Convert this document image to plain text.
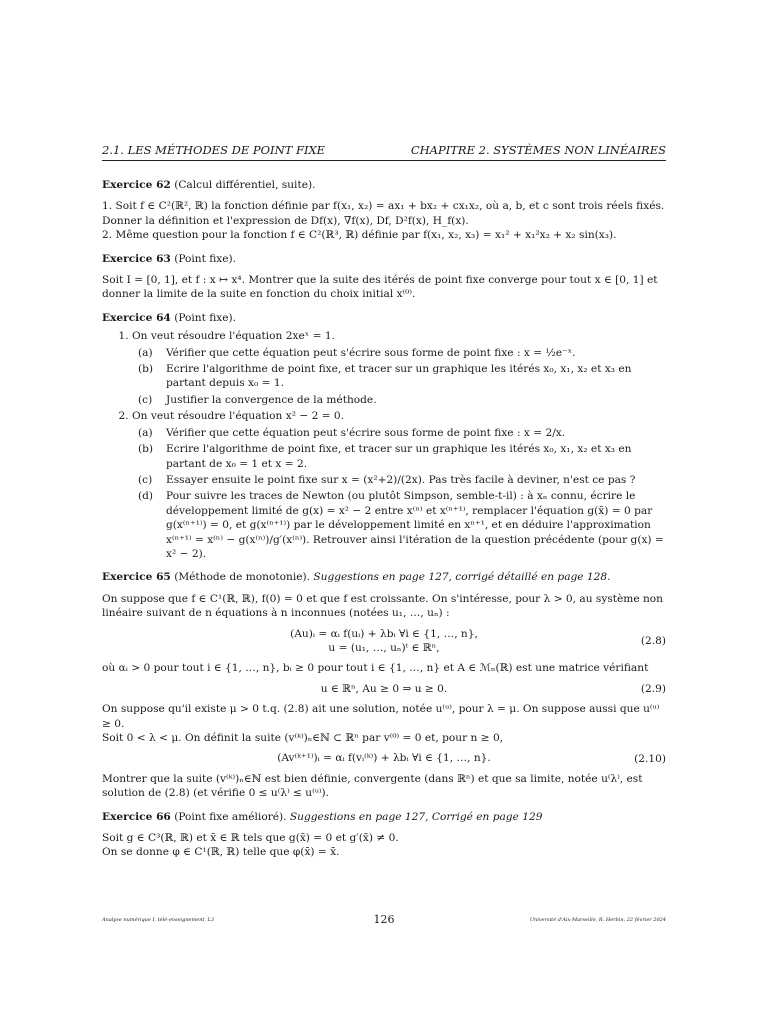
2.1. LES MÉTHODES DE POINT FIXE	CHAPITRE 2. SYSTÈMES NON LINÉAIRES

Exercice 62 (Calcul différentiel, suite).

1. Soit f ∈ C²(ℝ², ℝ) la fonction définie par f(x₁, x₂) = ax₁ + bx₂ + cx₁x₂, où a, b, et c sont trois réels fixés.

Donner la définition et l'expression de Df(x), ∇f(x), Df, D²f(x), H_f(x).

2. Même question pour la fonction f ∈ C²(ℝ³, ℝ) définie par f(x₁, x₂, x₃) = x₁² + x₁²x₂ + x₂ sin(x₃).

Exercice 63 (Point fixe).

Soit I = [0, 1], et f : x ↦ x⁴. Montrer que la suite des itérés de point fixe converge pour tout x ∈ [0, 1] et donner la limite de la suite en fonction du choix initial x⁽⁰⁾.

Exercice 64 (Point fixe).

1. On veut résoudre l'équation 2xeˣ = 1.
(a) Vérifier que cette équation peut s'écrire sous forme de point fixe : x = ½e⁻ˣ.
(b) Ecrire l'algorithme de point fixe, et tracer sur un graphique les itérés x₀, x₁, x₂ et x₃ en partant depuis x₀ = 1.
(c) Justifier la convergence de la méthode.
2. On veut résoudre l'équation x² − 2 = 0.
(a) Vérifier que cette équation peut s'écrire sous forme de point fixe : x = 2/x.
(b) Ecrire l'algorithme de point fixe, et tracer sur un graphique les itérés x₀, x₁, x₂ et x₃ en partant de x₀ = 1 et x = 2.
(c) Essayer ensuite le point fixe sur x = (x²+2)/(2x). Pas très facile à deviner, n'est ce pas ?
(d) Pour suivre les traces de Newton (ou plutôt Simpson, semble-t-il) : à xₙ connu, écrire le développement limité de g(x) = x² − 2 entre x⁽ⁿ⁾ et x⁽ⁿ⁺¹⁾, remplacer l'équation g(x̄) = 0 par g(x⁽ⁿ⁺¹⁾) = 0, et g(x⁽ⁿ⁺¹⁾) par le développement limité en xⁿ⁺¹, et en déduire l'approximation x⁽ⁿ⁺¹⁾ = x⁽ⁿ⁾ − g(x⁽ⁿ⁾)/g′(x⁽ⁿ⁾). Retrouver ainsi l'itération de la question précédente (pour g(x) = x² − 2).

Exercice 65 (Méthode de monotonie). Suggestions en page 127, corrigé détaillé en page 128.

On suppose que f ∈ C¹(ℝ, ℝ), f(0) = 0 et que f est croissante. On s'intéresse, pour λ > 0, au système non linéaire suivant de n équations à n inconnues (notées u₁, …, uₙ) :

(Au)ᵢ = αᵢ f(uᵢ) + λbᵢ ∀i ∈ {1, …, n},
u = (u₁, …, uₙ)ᵗ ∈ ℝⁿ,
(2.8)

où αᵢ > 0 pour tout i ∈ {1, …, n}, bᵢ ≥ 0 pour tout i ∈ {1, …, n} et A ∈ ℳₙ(ℝ) est une matrice vérifiant

u ∈ ℝⁿ, Au ≥ 0 ⇒ u ≥ 0.	(2.9)

On suppose qu'il existe μ > 0 t.q. (2.8) ait une solution, notée u⁽ᵘ⁾, pour λ = μ. On suppose aussi que u⁽ᵘ⁾ ≥ 0.

Soit 0 < λ < μ. On définit la suite (v⁽ᵏ⁾)ₙ∈ℕ ⊂ ℝⁿ par v⁽⁰⁾ = 0 et, pour n ≥ 0,

(Av⁽ᵏ⁺¹⁾)ᵢ = αᵢ f(vᵢ⁽ᵏ⁾) + λbᵢ ∀i ∈ {1, …, n}.	(2.10)

Montrer que la suite (v⁽ᵏ⁾)ₙ∈ℕ est bien définie, convergente (dans ℝⁿ) et que sa limite, notée u⁽λ⁾, est solution de (2.8) (et vérifie 0 ≤ u⁽λ⁾ ≤ u⁽ᵘ⁾).

Exercice 66 (Point fixe amélioré). Suggestions en page 127, Corrigé en page 129

Soit g ∈ C³(ℝ, ℝ) et x̄ ∈ ℝ tels que g(x̄) = 0 et g′(x̄) ≠ 0.

On se donne φ ∈ C¹(ℝ, ℝ) telle que φ(x̄) = x̄.

Analyse numérique I, télé-enseignement, L3	126	Université d'Aix-Marseille, R. Herbin, 22 février 2024
